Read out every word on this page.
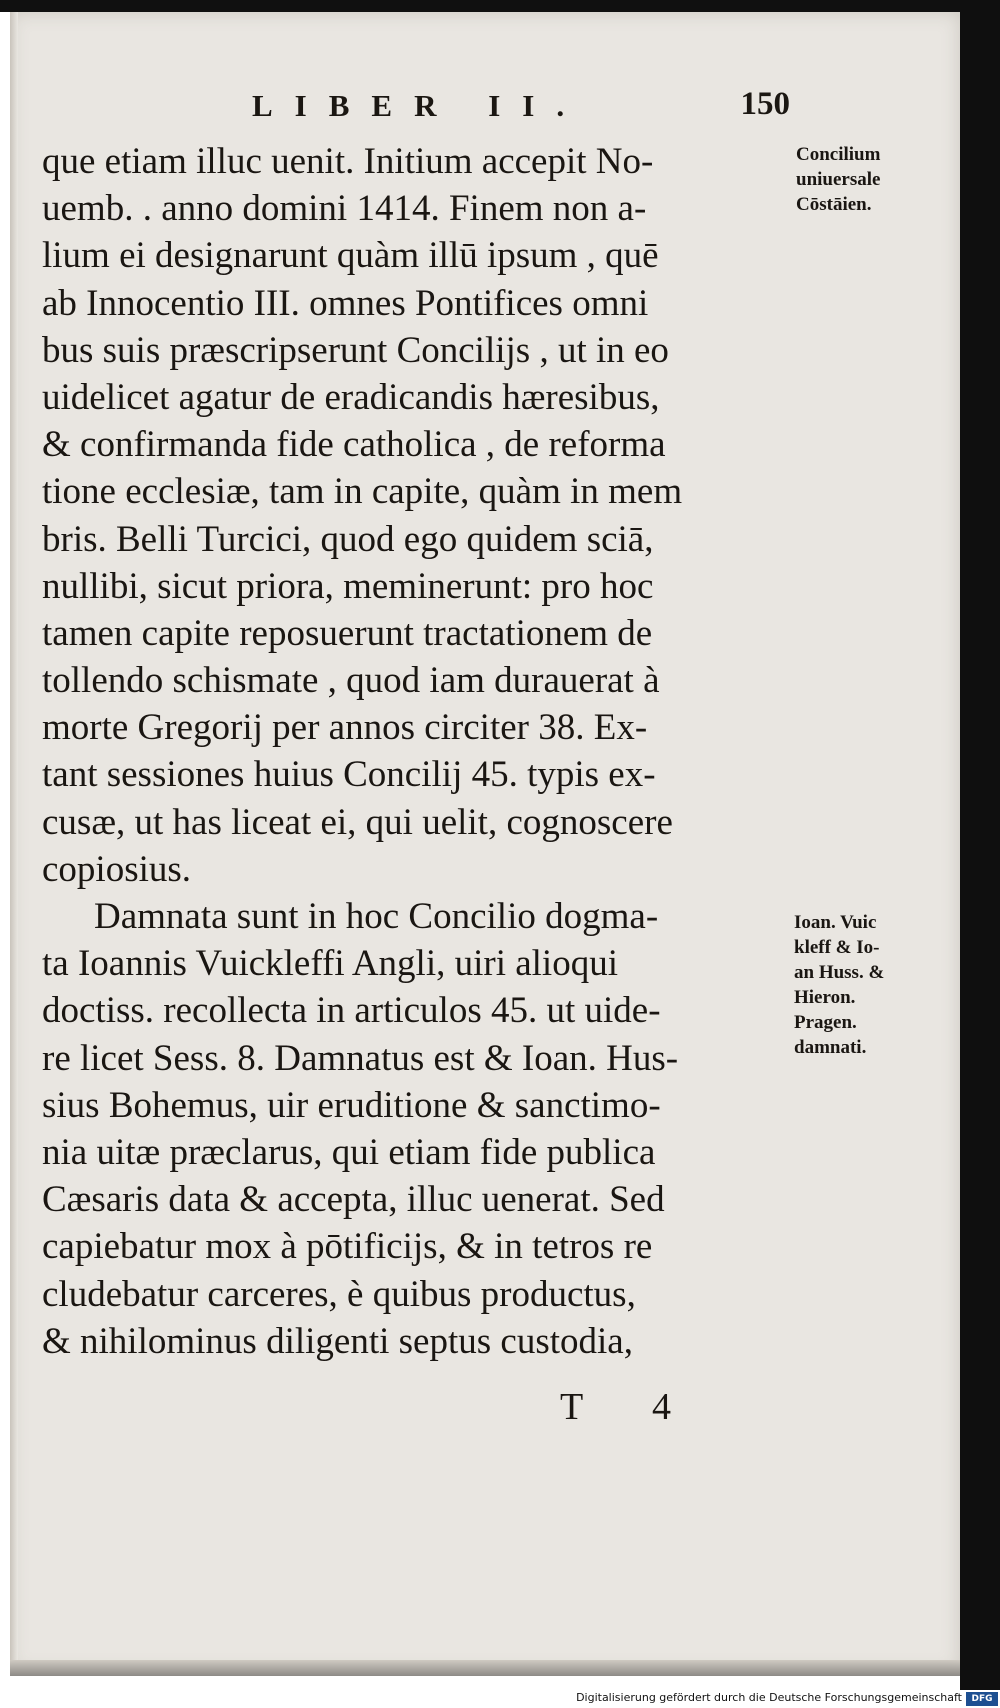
LIBER II.	150
que etiam illuc uenit. Initium accepit No-
uemb. . anno domini 1414. Finem non a-
lium ei designarunt quàm illū ipsum , quē
ab Innocentio III. omnes Pontifices omni
bus suis præscripserunt Concilijs , ut in eo
uidelicet agatur de eradicandis hæresibus,
& confirmanda fide catholica , de reforma
tione ecclesiæ, tam in capite, quàm in mem
bris. Belli Turcici, quod ego quidem sciā,
nullibi, sicut priora, meminerunt: pro hoc
tamen capite reposuerunt tractationem de
tollendo schismate , quod iam durauerat à
morte Gregorij per annos circiter 38. Ex-
tant sessiones huius Concilij 45. typis ex-
cusæ, ut has liceat ei, qui uelit, cognoscere
copiosius.
Damnata sunt in hoc Concilio dogma-
ta Ioannis Vuickleffi Angli, uiri alioqui
doctiss. recollecta in articulos 45. ut uide-
re licet Sess. 8. Damnatus est & Ioan. Hus-
sius Bohemus, uir eruditione & sanctimo-
nia uitæ præclarus, qui etiam fide publica
Cæsaris data & accepta, illuc uenerat. Sed
capiebatur mox à pōtificijs, & in tetros re
cludebatur carceres, è quibus productus,
& nihilominus diligenti septus custodia,
Concilium
uniuersale
Cōstāien.
Ioan. Vuic
kleff & Io-
an Huss. &
Hieron.
Pragen.
damnati.
T 4
Digitalisierung gefördert durch die Deutsche Forschungsgemeinschaft	DFG
